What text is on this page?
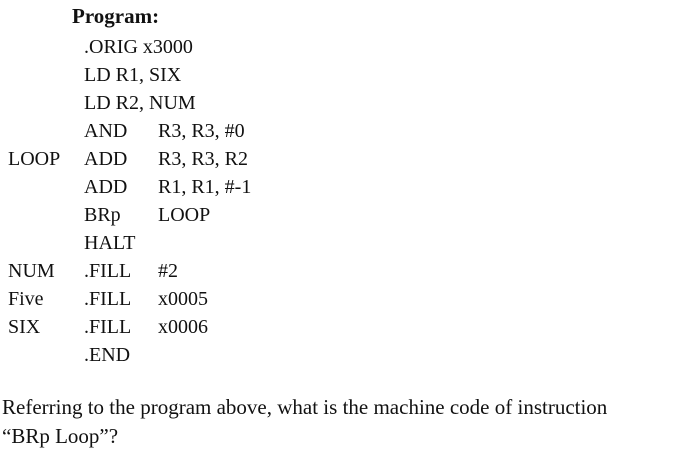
Program:
.ORIG x3000
LD R1, SIX
LD R2, NUM
AND R3, R3, #0
LOOP ADD R3, R3, R2
ADD R1, R1, #-1
BRp LOOP
HALT
NUM .FILL #2
Five .FILL x0005
SIX .FILL x0006
.END
Referring to the program above, what is the machine code of instruction
“BRp Loop”?
